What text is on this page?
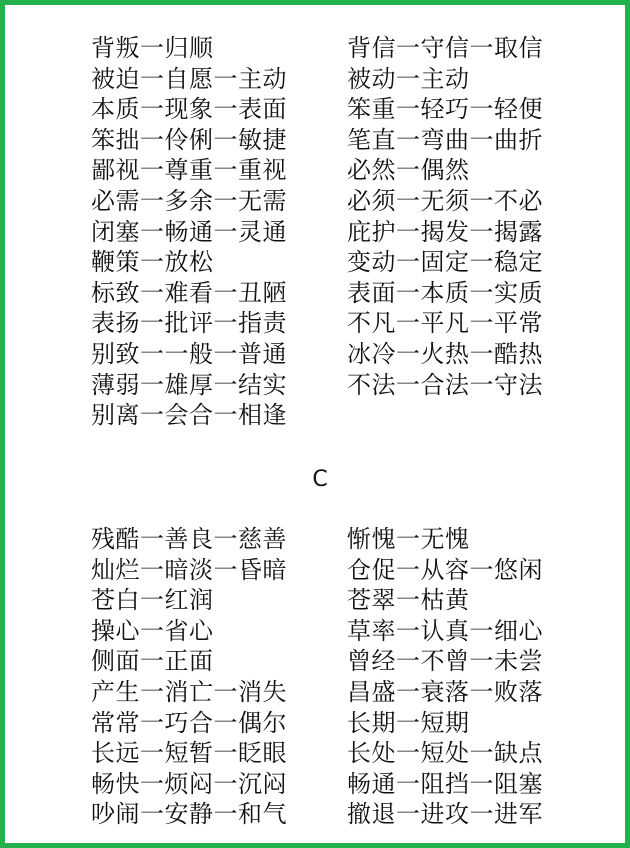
背叛一归顺
被迫一自愿一主动
本质一现象一表面
笨拙一伶俐一敏捷
鄙视一尊重一重视
必需一多余一无需
闭塞一畅通一灵通
鞭策一放松
标致一难看一丑陋
表扬一批评一指责
别致一一般一普通
薄弱一雄厚一结实
别离一会合一相逢
背信一守信一取信
被动一主动
笨重一轻巧一轻便
笔直一弯曲一曲折
必然一偶然
必须一无须一不必
庇护一揭发一揭露
变动一固定一稳定
表面一本质一实质
不凡一平凡一平常
冰冷一火热一酷热
不法一合法一守法
C
残酷一善良一慈善
灿烂一暗淡一昏暗
苍白一红润
操心一省心
侧面一正面
产生一消亡一消失
常常一巧合一偶尔
长远一短暂一眨眼
畅快一烦闷一沉闷
吵闹一安静一和气
惭愧一无愧
仓促一从容一悠闲
苍翠一枯黄
草率一认真一细心
曾经一不曾一未尝
昌盛一衰落一败落
长期一短期
长处一短处一缺点
畅通一阻挡一阻塞
撤退一进攻一进军
